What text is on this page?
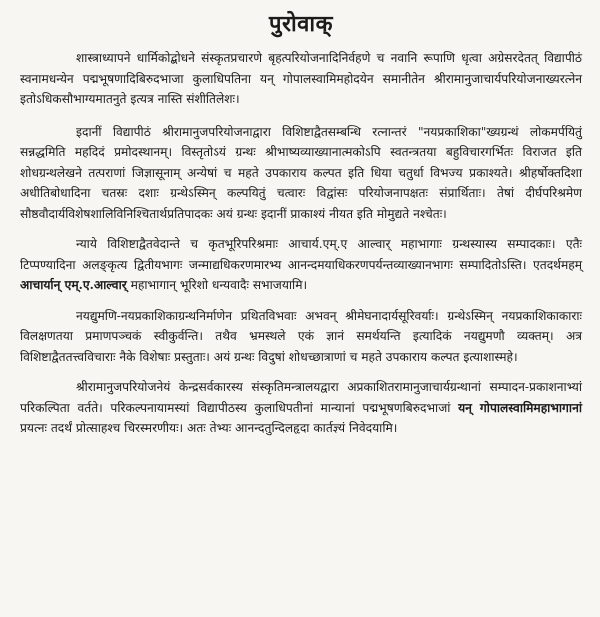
पुरोवाक्

शास्त्राध्यापने धार्मिकोद्बोधने संस्कृतप्रचारणे बृहत्परियोजनादिनिर्वहणे च नवानि रूपाणि धृत्वा अग्रेसरदेतत् विद्यापीठं स्वनामधन्येन पद्मभूषणादिबिरुदभाजा कुलाधिपतिना यन् गोपालस्वामिमहोदयेन समानीतेन श्रीरामानुजाचार्यपरियोजनाख्यरत्नेन इतोऽधिकसौभाग्यमातनुते इत्यत्र नास्ति संशीतिलेशः।

इदानीं विद्यापीठं श्रीरामानुजपरियोजनाद्वारा विशिष्टाद्वैतसम्बन्धि रत्नान्तरं "नयप्रकाशिका"ख्यग्रन्थं लोकमर्पयितुं सन्नद्धमिति महदिदं प्रमोदस्थानम्। विस्तृतोऽयं ग्रन्थः श्रीभाष्यव्याख्यानात्मकोऽपि स्वतन्त्रतया बहुविचारगर्भितः विराजत इति शोधग्रन्थलेखने तत्पराणां जिज्ञासूनाम् अन्येषां च महते उपकाराय कल्पत इति धिया चतुर्धा विभज्य प्रकाश्यते। श्रीहर्षोक्तदिशा अधीतिबोधादिना चतस्रः दशाः ग्रन्थेऽस्मिन् कल्पयितुं चत्वारः विद्वांसः परियोजनापक्षतः संप्रार्थिताः। तेषां दीर्घपरिश्रमेण सौष्ठवौदार्यविशेषशालिविनिश्चितार्थप्रतिपादकः अयं ग्रन्थः इदानीं प्राकाश्यं नीयत इति मोमुद्यते नश्चेतः।

न्याये विशिष्टाद्वैतवेदान्ते च कृतभूरिपरिश्रमाः आचार्य.एम्.ए आल्वार् महाभागाः ग्रन्थस्यास्य सम्पादकाः। एतैः टिप्पण्यादिना अलङ्कृत्य द्वितीयभागः जन्माद्यधिकरणमारभ्य आनन्दमयाधिकरणपर्यन्तव्याख्यानभागः सम्पादितोऽस्ति। एतदर्थमहम् आचार्यान् एम्.ए.आल्वार् महाभागान् भूरिशो धन्यवादैः सभाजयामि।

नयद्युमणि-नयप्रकाशिकाग्रन्थनिर्माणेन प्रथितविभवाः अभवन् श्रीमेघनादार्यसूरिवर्याः। ग्रन्थेऽस्मिन् नयप्रकाशिकाकाराः विलक्षणतया प्रमाणपञ्चकं स्वीकुर्वन्ति। तथैव भ्रमस्थले एकं ज्ञानं समर्थयन्ति इत्यादिकं नयद्युमणौ व्यक्तम्। अत्र विशिष्टाद्वैततत्त्वविचाराः नैके विशेषाः प्रस्तुताः। अयं ग्रन्थः विदुषां शोधच्छात्राणां च महते उपकाराय कल्पत इत्याशास्महे।

श्रीरामानुजपरियोजनेयं केन्द्रसर्वकारस्य संस्कृतिमन्त्रालयद्वारा अप्रकाशितरामानुजाचार्यग्रन्थानां सम्पादन-प्रकाशनाभ्यां परिकल्पिता वर्तते। परिकल्पनायामस्यां विद्यापीठस्य कुलाधिपतीनां मान्यानां पद्मभूषणबिरुदभाजां यन् गोपालस्वामिमहाभागानां प्रयत्नः तदर्थं प्रोत्साहश्च चिरस्मरणीयः। अतः तेभ्यः आनन्दतुन्दिलहृदा कार्तज्ञ्यं निवेदयामि।
